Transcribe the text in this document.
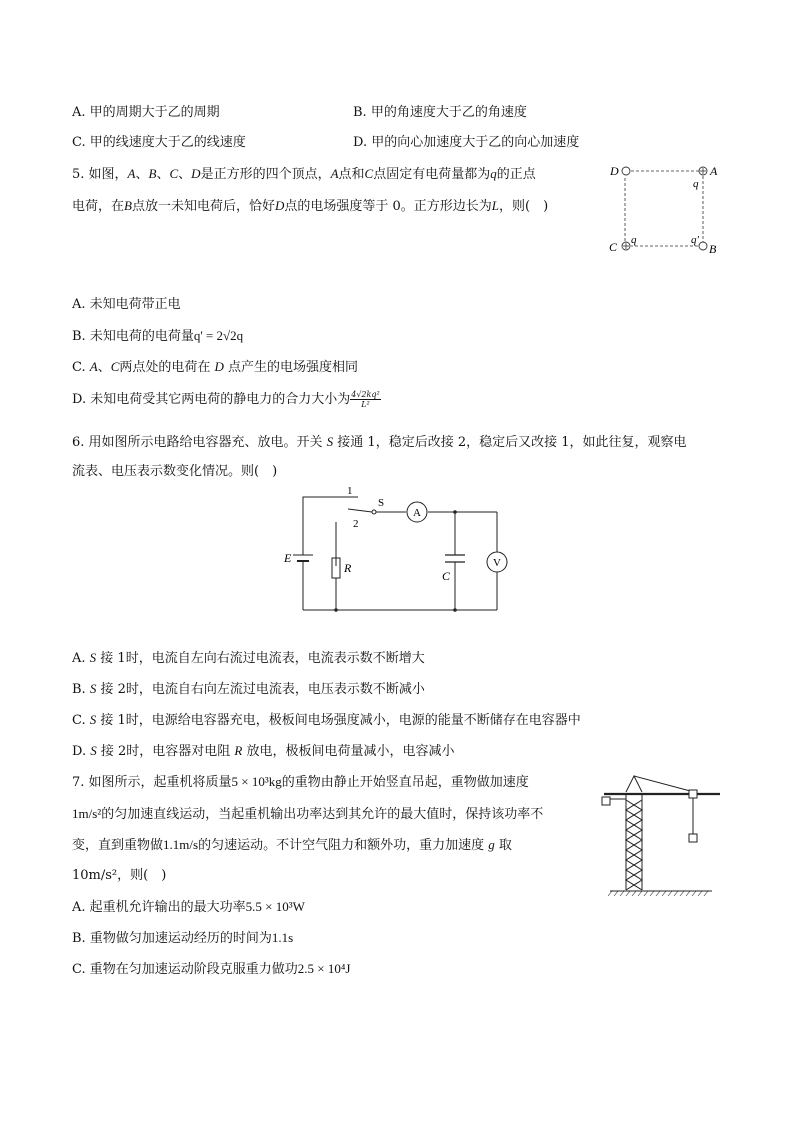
A. 甲的周期大于乙的周期	B. 甲的角速度大于乙的角速度
C. 甲的线速度大于乙的线速度	D. 甲的向心加速度大于乙的向心加速度
5. 如图，A、B、C、D是正方形的四个顶点，A点和C点固定有电荷量都为q的正点
电荷，在B点放一未知电荷后，恰好D点的电场强度等于 0。正方形边长为L，则(　)
D	A
q
C q	q'
B
A. 未知电荷带正电
B. 未知电荷的电荷量q' = 2√2q
C. A、C两点处的电荷在 D 点产生的电场强度相同
D. 未知电荷受其它两电荷的静电力的合力大小为 $\frac{\text{4√2kq²}}{\text{L²}}$
6. 用如图所示电路给电容器充、放电。开关 S 接通 1，稳定后改接 2，稳定后又改接 1，如此往复，观察电
流表、电压表示数变化情况。则(　)
A
V
1
2
S
E
R
C
A. S 接 1时，电流自左向右流过电流表，电流表示数不断增大
B. S 接 2时，电流自右向左流过电流表，电压表示数不断减小
C. S 接 1时，电源给电容器充电，极板间电场强度减小，电源的能量不断储存在电容器中
D. S 接 2时，电容器对电阻 R 放电，极板间电荷量减小，电容减小
7. 如图所示，起重机将质量5 × 10³kg的重物由静止开始竖直吊起，重物做加速度
1m/s²的匀加速直线运动，当起重机输出功率达到其允许的最大值时，保持该功率不
变，直到重物做1.1m/s的匀速运动。不计空气阻力和额外功，重力加速度 g 取
10m/s²，则(　)
A. 起重机允许输出的最大功率5.5 × 10³W
B. 重物做匀加速运动经历的时间为1.1s
C. 重物在匀加速运动阶段克服重力做功2.5 × 10⁴J
